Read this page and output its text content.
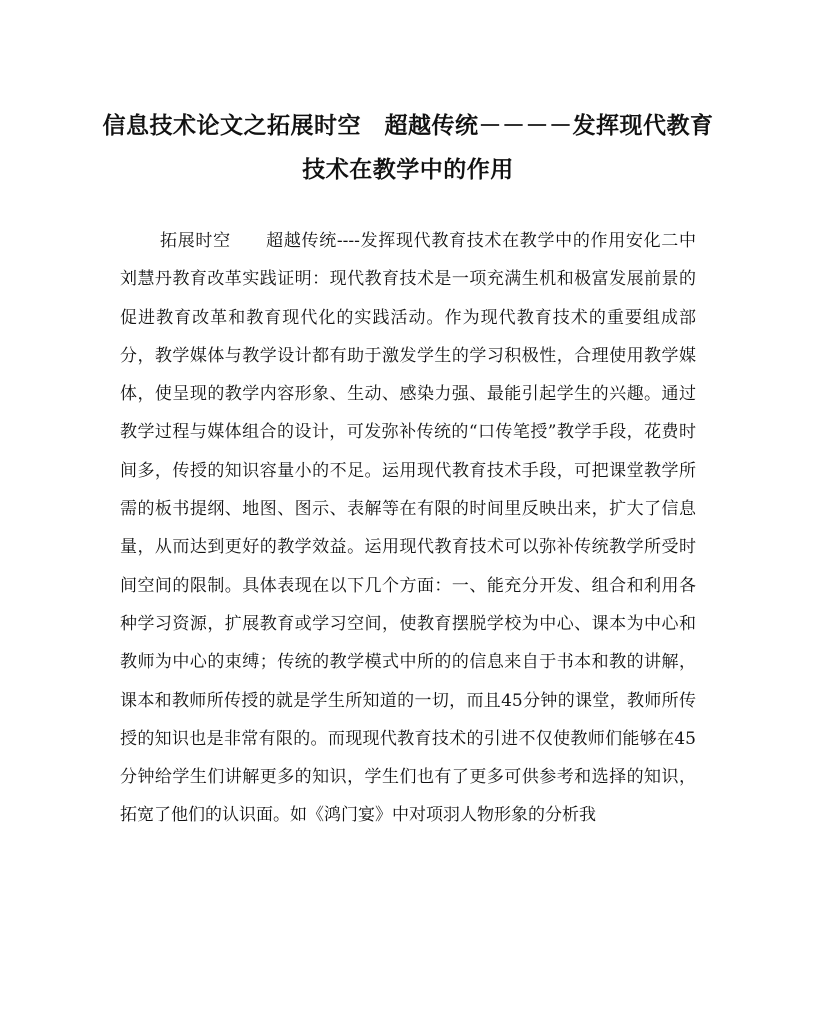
信息技术论文之拓展时空　超越传统－－－－发挥现代教育技术在教学中的作用

拓展时空　　超越传统----发挥现代教育技术在教学中的作用安化二中　　　刘慧丹教育改革实践证明：现代教育技术是一项充满生机和极富发展前景的促进教育改革和教育现代化的实践活动。作为现代教育技术的重要组成部分，教学媒体与教学设计都有助于激发学生的学习积极性，合理使用教学媒体，使呈现的教学内容形象、生动、感染力强、最能引起学生的兴趣。通过教学过程与媒体组合的设计，可发弥补传统的“口传笔授”教学手段，花费时间多，传授的知识容量小的不足。运用现代教育技术手段，可把课堂教学所需的板书提纲、地图、图示、表解等在有限的时间里反映出来，扩大了信息量，从而达到更好的教学效益。运用现代教育技术可以弥补传统教学所受时间空间的限制。具体表现在以下几个方面：一、能充分开发、组合和利用各种学习资源，扩展教育或学习空间，使教育摆脱学校为中心、课本为中心和教师为中心的束缚；传统的教学模式中所的的信息来自于书本和教的讲解，课本和教师所传授的就是学生所知道的一切，而且45分钟的课堂，教师所传授的知识也是非常有限的。而现现代教育技术的引进不仅使教师们能够在45分钟给学生们讲解更多的知识，学生们也有了更多可供参考和选择的知识，拓宽了他们的认识面。如《鸿门宴》中对项羽人物形象的分析我
